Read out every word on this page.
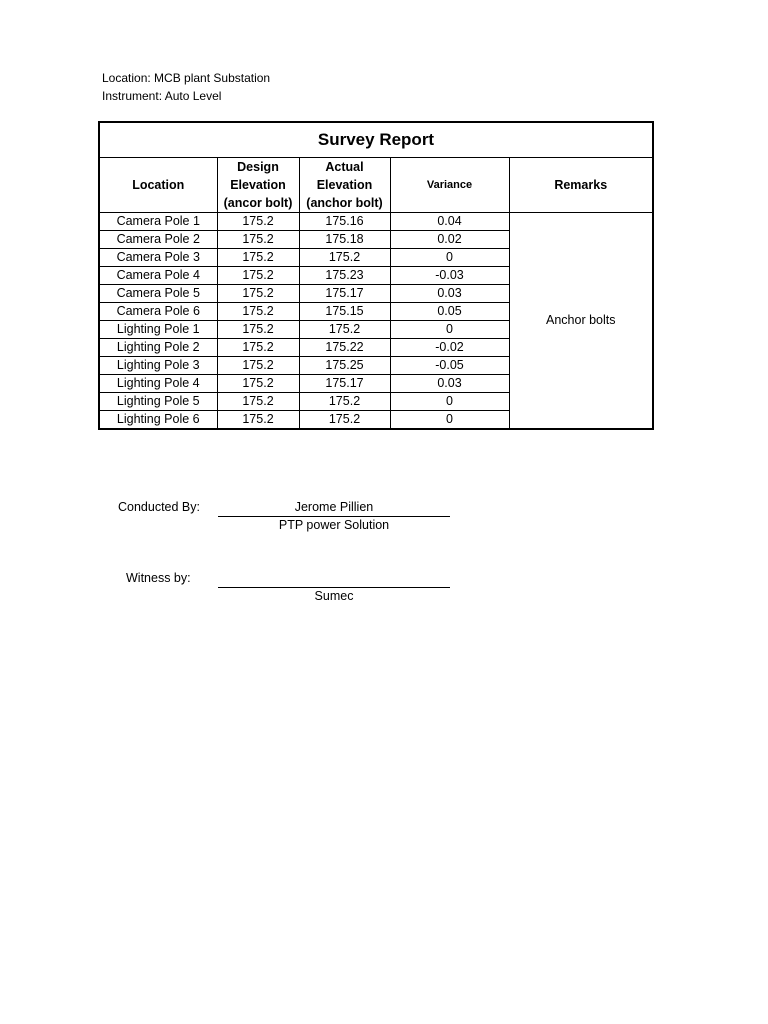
Location: MCB plant Substation
Instrument: Auto Level
Survey Report				
Location	Design Elevation (ancor bolt)	Actual Elevation (anchor bolt)	Variance	Remarks
Camera Pole 1	175.2	175.16	0.04	Anchor bolts
Camera Pole 2	175.2	175.18	0.02	
Camera Pole 3	175.2	175.2	0	
Camera Pole 4	175.2	175.23	-0.03	
Camera Pole 5	175.2	175.17	0.03	
Camera Pole 6	175.2	175.15	0.05	
Lighting Pole 1	175.2	175.2	0	
Lighting Pole 2	175.2	175.22	-0.02	
Lighting Pole 3	175.2	175.25	-0.05	
Lighting Pole 4	175.2	175.17	0.03	
Lighting Pole 5	175.2	175.2	0	
Lighting Pole 6	175.2	175.2	0	
Conducted By:	Jerome Pillien
PTP power Solution
Witness by:
Sumec
